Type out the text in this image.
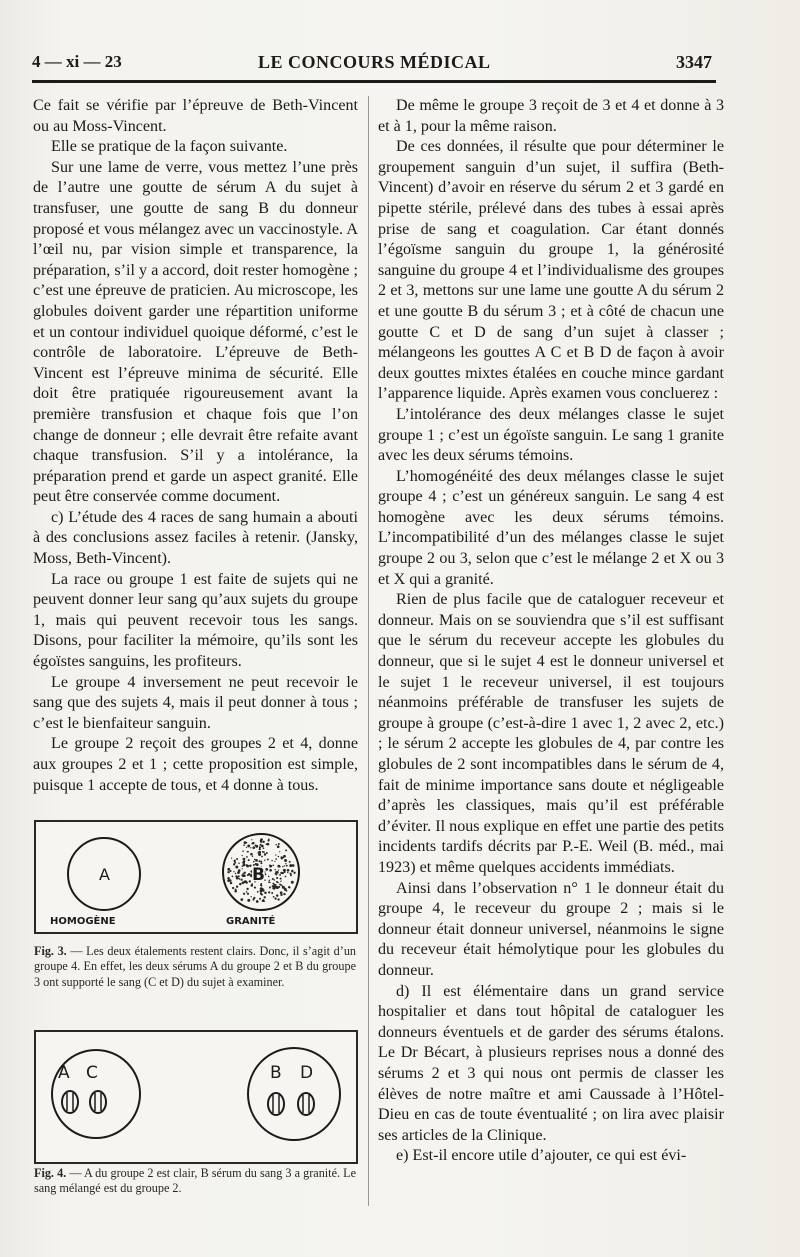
4 — xi — 23	LE CONCOURS MÉDICAL	3347

Ce fait se vérifie par l’épreuve de Beth-Vincent ou au Moss-Vincent.

Elle se pratique de la façon suivante.

Sur une lame de verre, vous mettez l’une près de l’autre une goutte de sérum A du sujet à transfuser, une goutte de sang B du donneur proposé et vous mélangez avec un vaccinostyle. A l’œil nu, par vision simple et transparence, la préparation, s’il y a accord, doit rester homogène ; c’est une épreuve de praticien. Au microscope, les globules doivent garder une répartition uniforme et un contour individuel quoique déformé, c’est le contrôle de laboratoire. L’épreuve de Beth-Vincent est l’épreuve minima de sécurité. Elle doit être pratiquée rigoureusement avant la première transfusion et chaque fois que l’on change de donneur ; elle devrait être refaite avant chaque transfusion. S’il y a intolérance, la préparation prend et garde un aspect granité. Elle peut être conservée comme document.

c) L’étude des 4 races de sang humain a abouti à des conclusions assez faciles à retenir. (Jansky, Moss, Beth-Vincent).

La race ou groupe 1 est faite de sujets qui ne peuvent donner leur sang qu’aux sujets du groupe 1, mais qui peuvent recevoir tous les sangs. Disons, pour faciliter la mémoire, qu’ils sont les égoïstes sanguins, les profiteurs.

Le groupe 4 inversement ne peut recevoir le sang que des sujets 4, mais il peut donner à tous ; c’est le bienfaiteur sanguin.

Le groupe 2 reçoit des groupes 2 et 4, donne aux groupes 2 et 1 ; cette proposition est simple, puisque 1 accepte de tous, et 4 donne à tous.

A	B
HOMOGÈNE	GRANITÉ
Fig. 3. — Les deux étalements restent clairs. Donc, il s’agit d’un groupe 4. En effet, les deux sérums A du groupe 2 et B du groupe 3 ont supporté le sang (C et D) du sujet à examiner.
A C	B D
Fig. 4. — A du groupe 2 est clair, B sérum du sang 3 a granité. Le sang mélangé est du groupe 2.

De même le groupe 3 reçoit de 3 et 4 et donne à 3 et à 1, pour la même raison.

De ces données, il résulte que pour déterminer le groupement sanguin d’un sujet, il suffira (Beth-Vincent) d’avoir en réserve du sérum 2 et 3 gardé en pipette stérile, prélevé dans des tubes à essai après prise de sang et coagulation. Car étant donnés l’égoïsme sanguin du groupe 1, la générosité sanguine du groupe 4 et l’individualisme des groupes 2 et 3, mettons sur une lame une goutte A du sérum 2 et une goutte B du sérum 3 ; et à côté de chacun une goutte C et D de sang d’un sujet à classer ; mélangeons les gouttes A C et B D de façon à avoir deux gouttes mixtes étalées en couche mince gardant l’apparence liquide. Après examen vous concluerez :

L’intolérance des deux mélanges classe le sujet groupe 1 ; c’est un égoïste sanguin. Le sang 1 granite avec les deux sérums témoins.

L’homogénéité des deux mélanges classe le sujet groupe 4 ; c’est un généreux sanguin. Le sang 4 est homogène avec les deux sérums témoins. L’incompatibilité d’un des mélanges classe le sujet groupe 2 ou 3, selon que c’est le mélange 2 et X ou 3 et X qui a granité.

Rien de plus facile que de cataloguer receveur et donneur. Mais on se souviendra que s’il est suffisant que le sérum du receveur accepte les globules du donneur, que si le sujet 4 est le donneur universel et le sujet 1 le receveur universel, il est toujours néanmoins préférable de transfuser les sujets de groupe à groupe (c’est-à-dire 1 avec 1, 2 avec 2, etc.) ; le sérum 2 accepte les globules de 4, par contre les globules de 2 sont incompatibles dans le sérum de 4, fait de minime importance sans doute et négligeable d’après les classiques, mais qu’il est préférable d’éviter. Il nous explique en effet une partie des petits incidents tardifs décrits par P.-E. Weil (B. méd., mai 1923) et même quelques accidents immédiats.

Ainsi dans l’observation n° 1 le donneur était du groupe 4, le receveur du groupe 2 ; mais si le donneur était donneur universel, néanmoins le signe du receveur était hémolytique pour les globules du donneur.

d) Il est élémentaire dans un grand service hospitalier et dans tout hôpital de cataloguer les donneurs éventuels et de garder des sérums étalons. Le Dr Bécart, à plusieurs reprises nous a donné des sérums 2 et 3 qui nous ont permis de classer les élèves de notre maître et ami Caussade à l’Hôtel-Dieu en cas de toute éventualité ; on lira avec plaisir ses articles de la Clinique.

e) Est-il encore utile d’ajouter, ce qui est évi-
